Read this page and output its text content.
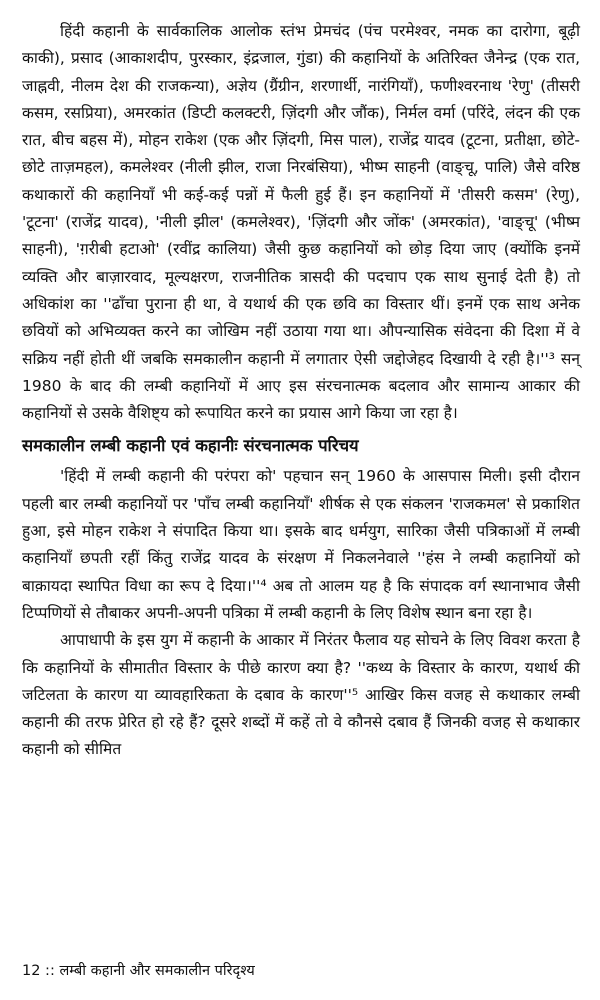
हिंदी कहानी के सार्वकालिक आलोक स्तंभ प्रेमचंद (पंच परमेश्वर, नमक का दारोगा, बूढ़ी काकी), प्रसाद (आकाशदीप, पुरस्कार, इंद्रजाल, गुंडा) की कहानियों के अतिरिक्त जैनेन्द्र (एक रात, जाह्नवी, नीलम देश की राजकन्या), अज्ञेय (ग्रैंग्रीन, शरणार्थी, नारंगियाँ), फणीश्वरनाथ 'रेणु' (तीसरी कसम, रसप्रिया), अमरकांत (डिप्टी कलक्टरी, ज़िंदगी और जौंक), निर्मल वर्मा (परिंदे, लंदन की एक रात, बीच बहस में), मोहन राकेश (एक और ज़िंदगी, मिस पाल), राजेंद्र यादव (टूटना, प्रतीक्षा, छोटे-छोटे ताज़महल), कमलेश्वर (नीली झील, राजा निरबंसिया), भीष्म साहनी (वाङ्चू, पालि) जैसे वरिष्ठ कथाकारों की कहानियाँ भी कई-कई पन्नों में फैली हुई हैं। इन कहानियों में 'तीसरी कसम' (रेणु), 'टूटना' (राजेंद्र यादव), 'नीली झील' (कमलेश्वर), 'ज़िंदगी और जोंक' (अमरकांत), 'वाङ्चू' (भीष्म साहनी), 'ग़रीबी हटाओ' (रवींद्र कालिया) जैसी कुछ कहानियों को छोड़ दिया जाए (क्योंकि इनमें व्यक्ति और बाज़ारवाद, मूल्यक्षरण, राजनीतिक त्रासदी की पदचाप एक साथ सुनाई देती है) तो अधिकांश का ''ढाँचा पुराना ही था, वे यथार्थ की एक छवि का विस्तार थीं। इनमें एक साथ अनेक छवियों को अभिव्यक्त करने का जोखिम नहीं उठाया गया था। औपन्यासिक संवेदना की दिशा में वे सक्रिय नहीं होती थीं जबकि समकालीन कहानी में लगातार ऐसी जद्दोजेहद दिखायी दे रही है।''³ सन् 1980 के बाद की लम्बी कहानियों में आए इस संरचनात्मक बदलाव और सामान्य आकार की कहानियों से उसके वैशिष्ट्य को रूपायित करने का प्रयास आगे किया जा रहा है।

समकालीन लम्बी कहानी एवं कहानीः संरचनात्मक परिचय

'हिंदी में लम्बी कहानी की परंपरा को' पहचान सन् 1960 के आसपास मिली। इसी दौरान पहली बार लम्बी कहानियों पर 'पाँच लम्बी कहानियाँ' शीर्षक से एक संकलन 'राजकमल' से प्रकाशित हुआ, इसे मोहन राकेश ने संपादित किया था। इसके बाद धर्मयुग, सारिका जैसी पत्रिकाओं में लम्बी कहानियाँ छपती रहीं किंतु राजेंद्र यादव के संरक्षण में निकलनेवाले ''हंस ने लम्बी कहानियों को बाक़ायदा स्थापित विधा का रूप दे दिया।''⁴ अब तो आलम यह है कि संपादक वर्ग स्थानाभाव जैसी टिप्पणियों से तौबाकर अपनी-अपनी पत्रिका में लम्बी कहानी के लिए विशेष स्थान बना रहा है।

आपाधापी के इस युग में कहानी के आकार में निरंतर फैलाव यह सोचने के लिए विवश करता है कि कहानियों के सीमातीत विस्तार के पीछे कारण क्या है? ''कथ्य के विस्तार के कारण, यथार्थ की जटिलता के कारण या व्यावहारिकता के दबाव के कारण''⁵ आखिर किस वजह से कथाकार लम्बी कहानी की तरफ प्रेरित हो रहे हैं? दूसरे शब्दों में कहें तो वे कौनसे दबाव हैं जिनकी वजह से कथाकार कहानी को सीमित

12 :: लम्बी कहानी और समकालीन परिदृश्य
